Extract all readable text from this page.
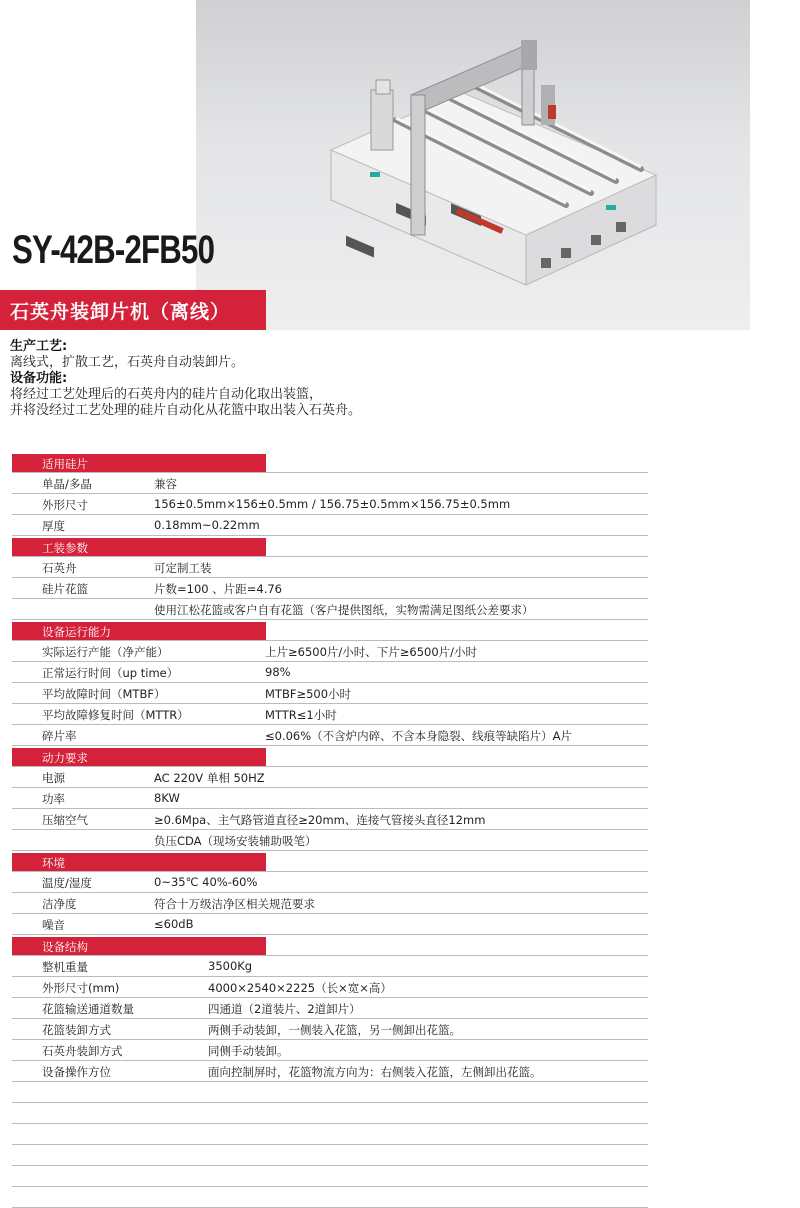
SY-42B-2FB50
石英舟装卸片机（离线）
生产工艺:
离线式，扩散工艺，石英舟自动装卸片。
设备功能:
将经过工艺处理后的石英舟内的硅片自动化取出装篮，
并将没经过工艺处理的硅片自动化从花篮中取出装入石英舟。
适用硅片
单晶/多晶	兼容
外形尺寸	156±0.5mm×156±0.5mm / 156.75±0.5mm×156.75±0.5mm
厚度	0.18mm~0.22mm
工装参数
石英舟	可定制工装
硅片花篮	片数=100 、片距=4.76
使用江松花篮或客户自有花篮（客户提供图纸，实物需满足图纸公差要求）
设备运行能力
实际运行产能（净产能）	上片≥6500片/小时、下片≥6500片/小时
正常运行时间（up time）	98%
平均故障时间（MTBF）	MTBF≥500小时
平均故障修复时间（MTTR）	MTTR≤1小时
碎片率	≤0.06%（不含炉内碎、不含本身隐裂、线痕等缺陷片）A片
动力要求
电源	AC 220V 单相 50HZ
功率	8KW
压缩空气	≥0.6Mpa、主气路管道直径≥20mm、连接气管接头直径12mm
负压CDA（现场安装辅助吸笔）
环境
温度/湿度	0~35℃ 40%-60%
洁净度	符合十万级洁净区相关规范要求
噪音	≤60dB
设备结构
整机重量	3500Kg
外形尺寸(mm)	4000×2540×2225（长×宽×高）
花篮输送通道数量	四通道（2道装片、2道卸片）
花篮装卸方式	两侧手动装卸，一侧装入花篮，另一侧卸出花篮。
石英舟装卸方式	同侧手动装卸。
设备操作方位	面向控制屏时，花篮物流方向为：右侧装入花篮，左侧卸出花篮。
